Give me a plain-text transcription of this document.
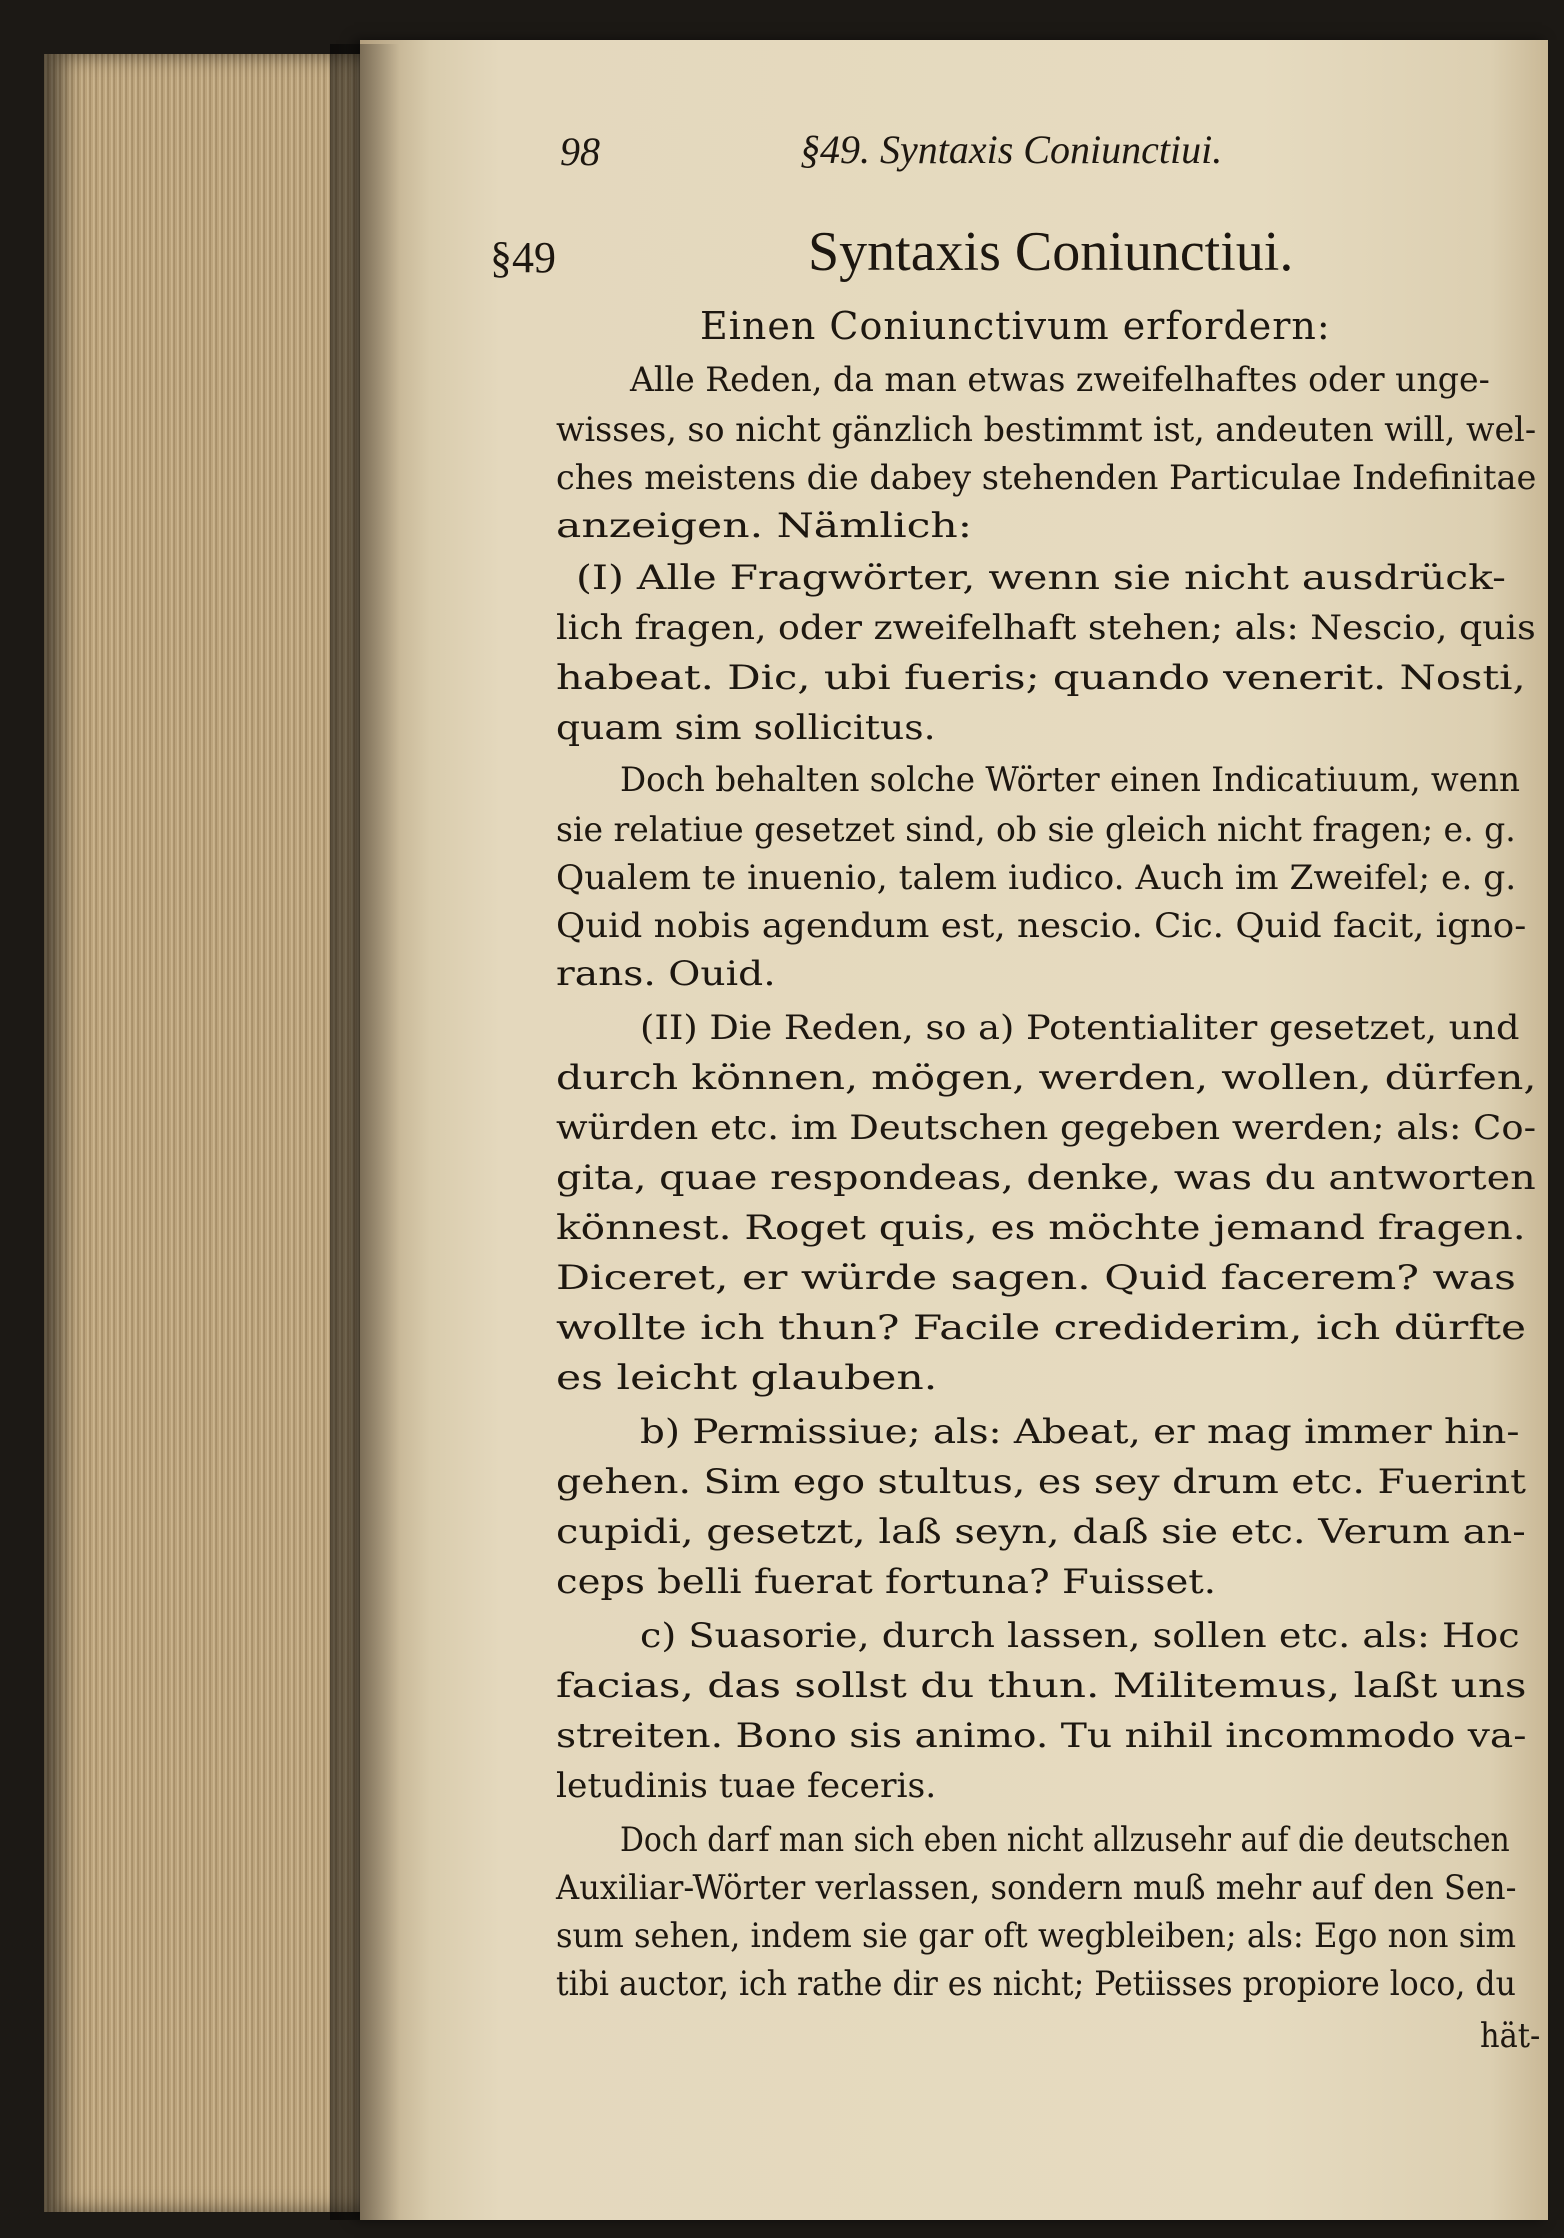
98	§49. Syntaxis Coniunctiui.
§49	Syntaxis Coniunctiui.
Einen Coniunctivum erfordern:
Alle Reden, da man etwas zweifelhaftes oder unge-
wisses, so nicht gänzlich bestimmt ist, andeuten will, wel-
ches meistens die dabey stehenden Particulae Indefinitae
anzeigen. Nämlich:
(I) Alle Fragwörter, wenn sie nicht ausdrück-
lich fragen, oder zweifelhaft stehen; als: Nescio, quis
habeat. Dic, ubi fueris; quando venerit. Nosti,
quam sim sollicitus.
Doch behalten solche Wörter einen Indicatiuum, wenn
sie relatiue gesetzet sind, ob sie gleich nicht fragen; e. g.
Qualem te inuenio, talem iudico. Auch im Zweifel; e. g.
Quid nobis agendum est, nescio. Cic. Quid facit, igno-
rans. Ouid.
(II) Die Reden, so a) Potentialiter gesetzet, und
durch können, mögen, werden, wollen, dürfen,
würden etc. im Deutschen gegeben werden; als: Co-
gita, quae respondeas, denke, was du antworten
könnest. Roget quis, es möchte jemand fragen.
Diceret, er würde sagen. Quid facerem? was
wollte ich thun? Facile crediderim, ich dürfte
es leicht glauben.
b) Permissiue; als: Abeat, er mag immer hin-
gehen. Sim ego stultus, es sey drum etc. Fuerint
cupidi, gesetzt, laß seyn, daß sie etc. Verum an-
ceps belli fuerat fortuna? Fuisset.
c) Suasorie, durch lassen, sollen etc. als: Hoc
facias, das sollst du thun. Militemus, laßt uns
streiten. Bono sis animo. Tu nihil incommodo va-
letudinis tuae feceris.
Doch darf man sich eben nicht allzusehr auf die deutschen
Auxiliar-Wörter verlassen, sondern muß mehr auf den Sen-
sum sehen, indem sie gar oft wegbleiben; als: Ego non sim
tibi auctor, ich rathe dir es nicht; Petiisses propiore loco, du
hät-
